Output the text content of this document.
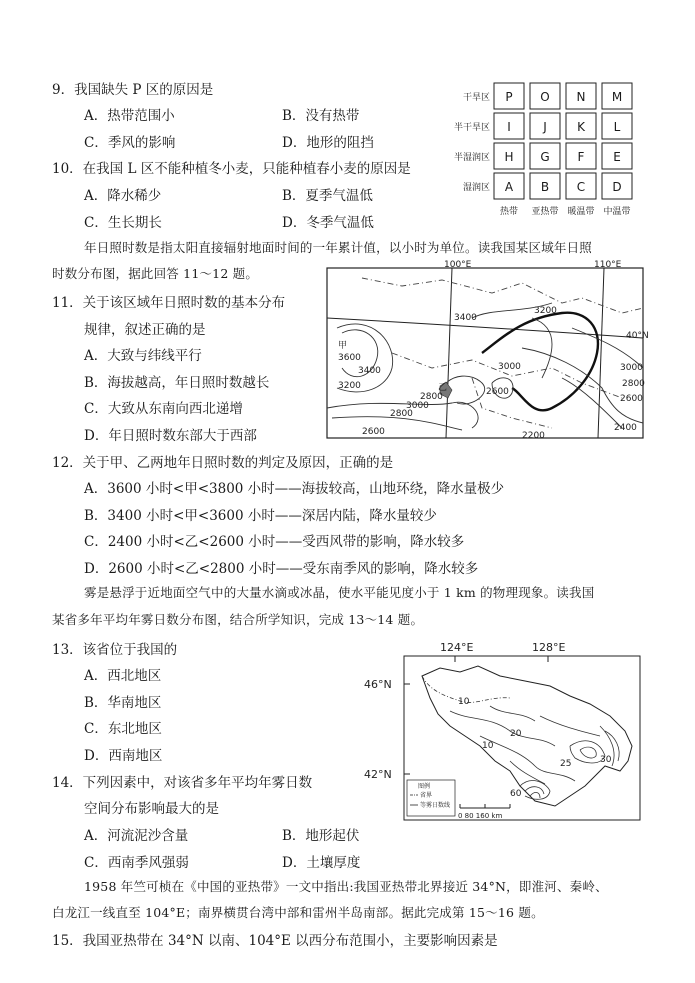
9．我国缺失 P 区的原因是
A．热带范围小	B．没有热带
C．季风的影响	D．地形的阻挡
10．在我国 L 区不能种植冬小麦，只能种植春小麦的原因是
A．降水稀少	B．夏季气温低
C．生长期长	D．冬季气温低
P O N M
I	J	K L
H G F E
A B C D
干旱区
半干旱区
半湿润区
湿润区
热带 亚热带 暖温带 中温带
年日照时数是指太阳直接辐射地面时间的一年累计值，以小时为单位。读我国某区域年日照
时数分布图，据此回答 11～12 题。
100°E	110°E
40°N
甲
乙
3400
3200
3600
3400
3200
3000
2800
3000
2800
2600
2600
2400
2600	2200
3000
2800
11．关于该区域年日照时数的基本分布
规律，叙述正确的是
A．大致与纬线平行
B．海拔越高，年日照时数越长
C．大致从东南向西北递增
D．年日照时数东部大于西部
12．关于甲、乙两地年日照时数的判定及原因，正确的是
A．3600 小时<甲<3800 小时——海拔较高，山地环绕，降水量极少
B．3400 小时<甲<3600 小时——深居内陆，降水量较少
C．2400 小时<乙<2600 小时——受西风带的影响，降水较多
D．2600 小时<乙<2800 小时——受东南季风的影响，降水较多
雾是悬浮于近地面空气中的大量水滴或冰晶，使水平能见度小于 1 km 的物理现象。读我国
某省多年平均年雾日数分布图，结合所学知识，完成 13～14 题。
13．该省位于我国的
A．西北地区
B．华南地区
C．东北地区
D．西南地区
124°E	128°E
46°N
42°N
10
20
10
25
60
30
图例
省界
等雾日数线
0 80 160 km
14．下列因素中，对该省多年平均年雾日数
空间分布影响最大的是
A．河流泥沙含量	B．地形起伏
C．西南季风强弱	D．土壤厚度
1958 年竺可桢在《中国的亚热带》一文中指出:我国亚热带北界接近 34°N，即淮河、秦岭、
白龙江一线直至 104°E；南界横贯台湾中部和雷州半岛南部。据此完成第 15～16 题。
15．我国亚热带在 34°N 以南、104°E 以西分布范围小，主要影响因素是
